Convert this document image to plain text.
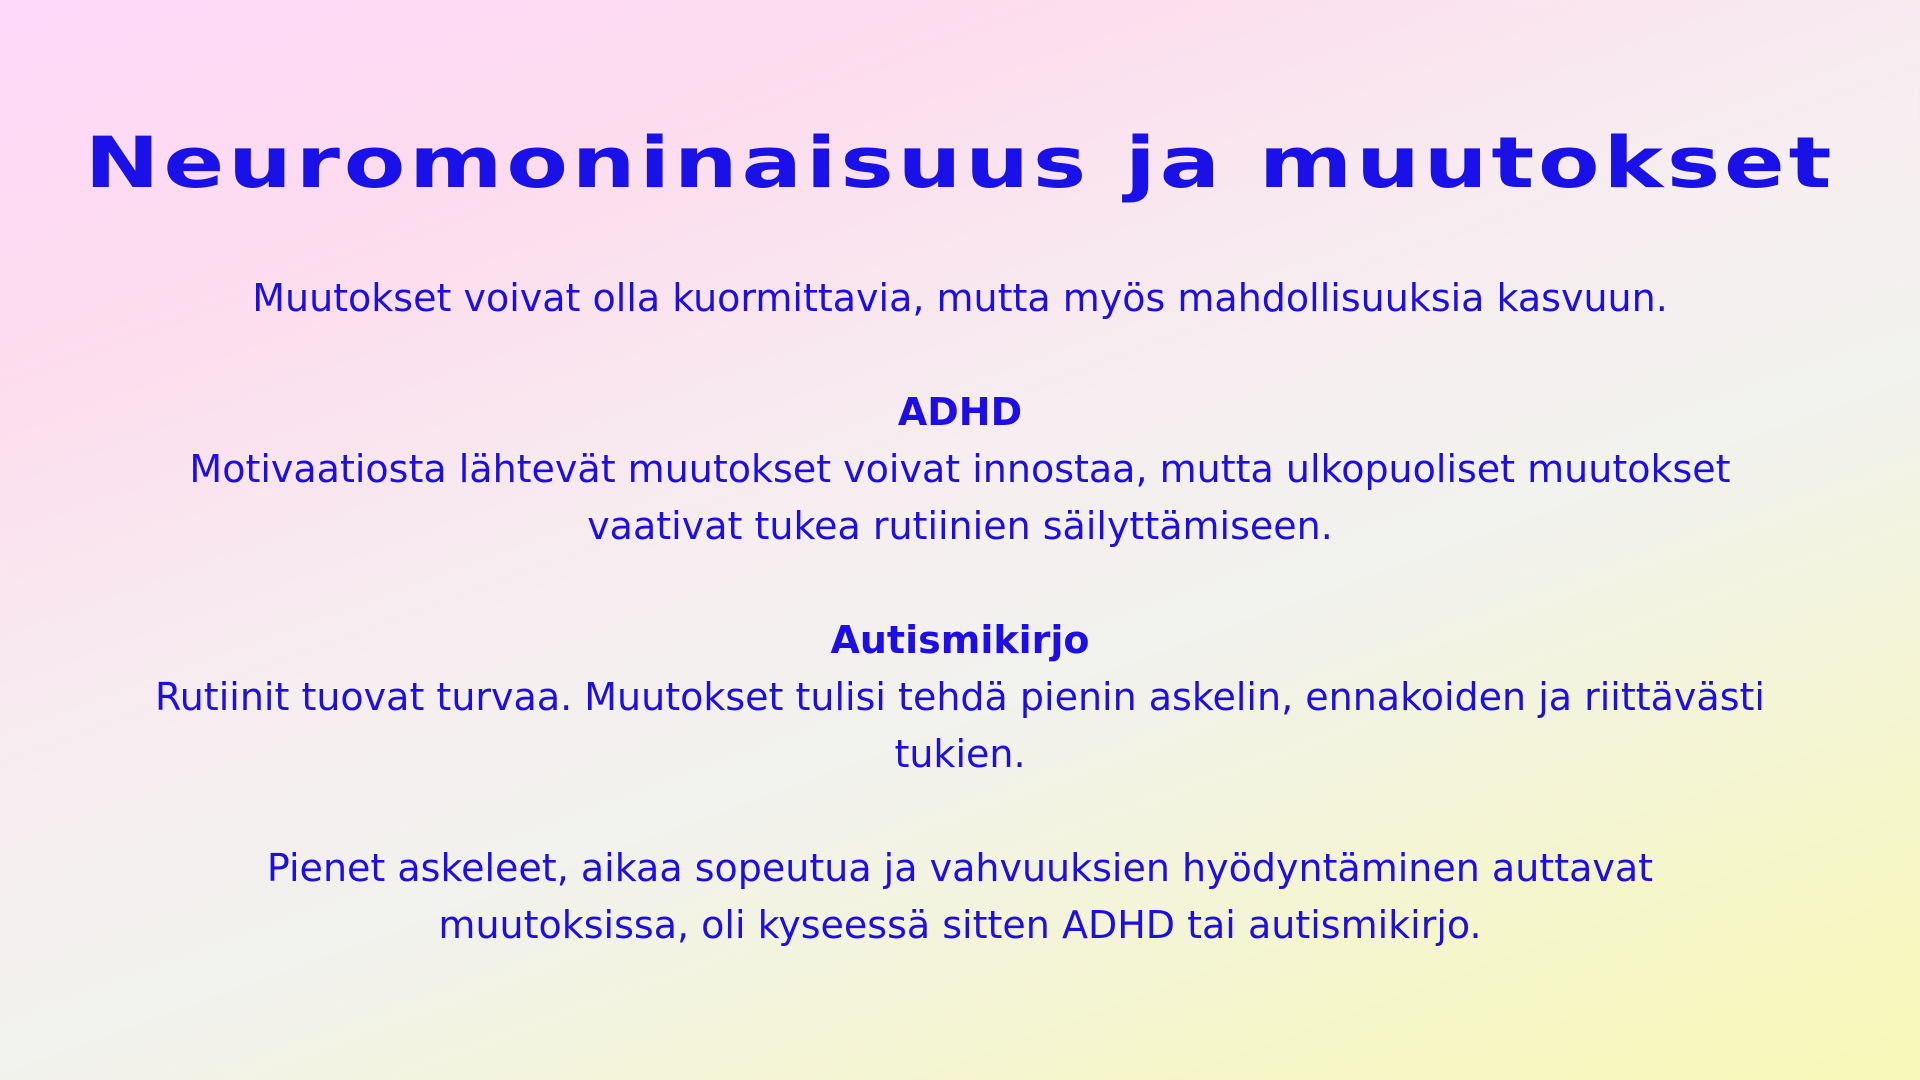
Neuromoninaisuus ja muutokset

Muutokset voivat olla kuormittavia, mutta myös mahdollisuuksia kasvuun.

ADHD

Motivaatiosta lähtevät muutokset voivat innostaa, mutta ulkopuoliset muutokset

vaativat tukea rutiinien säilyttämiseen.

Autismikirjo

Rutiinit tuovat turvaa. Muutokset tulisi tehdä pienin askelin, ennakoiden ja riittävästi

tukien.

Pienet askeleet, aikaa sopeutua ja vahvuuksien hyödyntäminen auttavat

muutoksissa, oli kyseessä sitten ADHD tai autismikirjo.
